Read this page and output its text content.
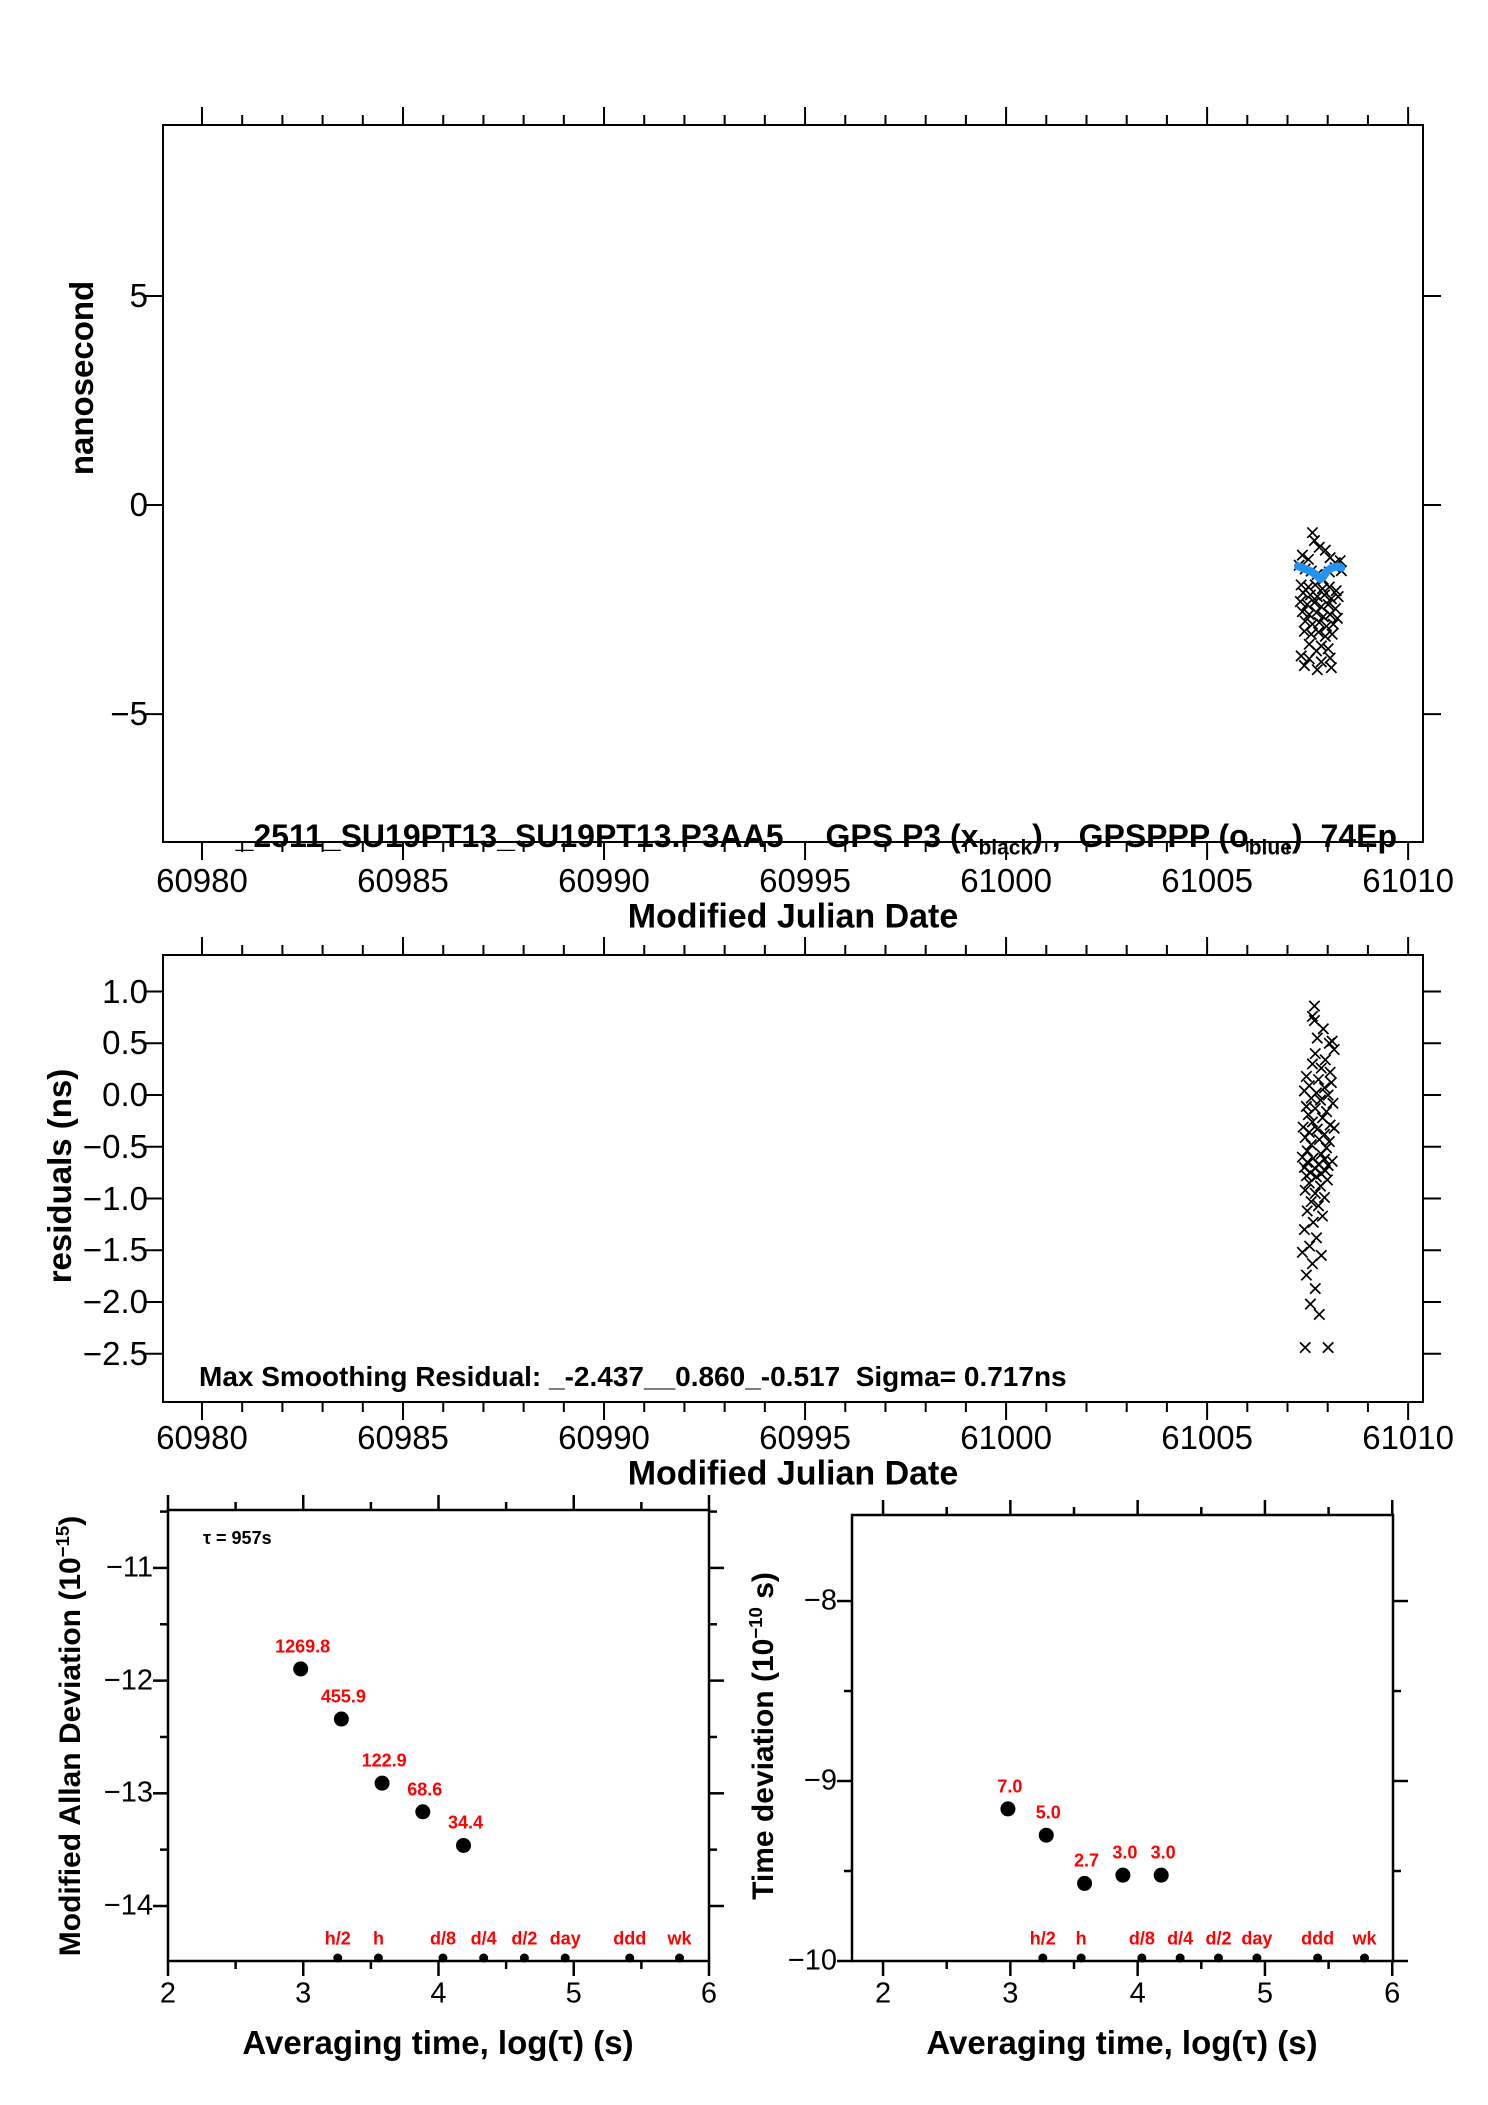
_2511_SU19PT13_SU19PT13.P3AA5 GPS P3 $(x_{black})$ , GPSPPP $(o_{blue})$ 74Ep

nanosecond
Modified Julian Date
residuals (ns)
Modified Julian Date
Modified Allan Deviation $(10^{-15})$
Averaging time, log(τ) (s)
Time deviation ($10^{-10}$ s)
Averaging time, log(τ) (s)
Max Smoothing Residual: _-2.437__0.860_-0.517  Sigma= 0.717ns
τ = 957s
60980	60985	60990	60995	61000	61005	61010
5
0
−5
60980	60985	60990	60995	61000	61005	61010
1.0
0.5
0.0
−0.5
−1.0
−1.5
−2.0
−2.5
2	3	4	5	6
−11
−12
−13
−14
1269.8
455.9
122.9
68.6
34.4
h/2 h	d/8 d/4 d/2 day ddd wk
2	3	4	5	6
−8
−9
−10
7.0
5.0
2.7 3.0 3.0
h/2 h d/8 d/4 d/2 day ddd wk
